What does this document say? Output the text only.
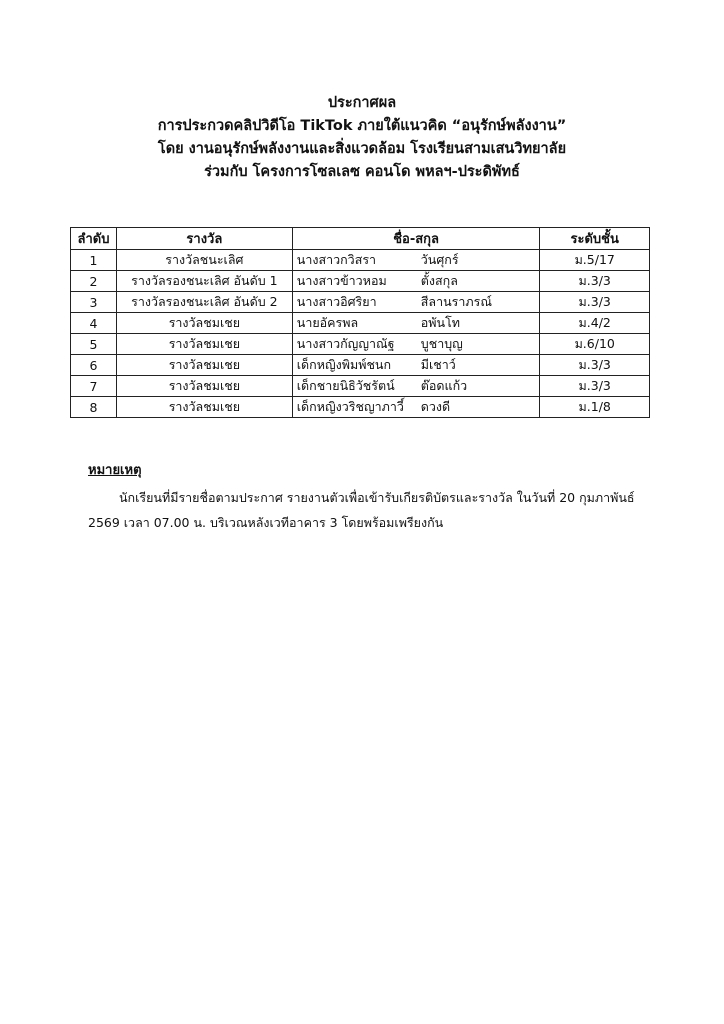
ประกาศผล
การประกวดคลิปวิดีโอ TikTok ภายใต้แนวคิด “อนุรักษ์พลังงาน”
โดย งานอนุรักษ์พลังงานและสิ่งแวดล้อม โรงเรียนสามเสนวิทยาลัย
ร่วมกับ โครงการโซลเลซ คอนโด พหลฯ-ประดิพัทธ์
ลำดับ	รางวัล	ชื่อ-สกุล	ระดับชั้น
1	รางวัลชนะเลิศ	นางสาวกวิสรา วันศุกร์	ม.5/17
2	รางวัลรองชนะเลิศ อันดับ 1	นางสาวข้าวหอม ตั้งสกุล	ม.3/3
3	รางวัลรองชนะเลิศ อันดับ 2	นางสาวอิศริยา สีลานราภรณ์	ม.3/3
4	รางวัลชมเชย	นายอัครพล อพันโท	ม.4/2
5	รางวัลชมเชย	นางสาวกัญญาณัฐ บูชาบุญ	ม.6/10
6	รางวัลชมเชย	เด็กหญิงพิมพ์ชนก มีเชาว์	ม.3/3
7	รางวัลชมเชย	เด็กชายนิธิวัชรัตน์ ต๊อดแก้ว	ม.3/3
8	รางวัลชมเชย	เด็กหญิงวริชญาภาวี์ ดวงดี	ม.1/8
หมายเหตุ
นักเรียนที่มีรายชื่อตามประกาศ รายงานตัวเพื่อเข้ารับเกียรติบัตรและรางวัล ในวันที่ 20 กุมภาพันธ์
2569 เวลา 07.00 น. บริเวณหลังเวทีอาคาร 3 โดยพร้อมเพรียงกัน
